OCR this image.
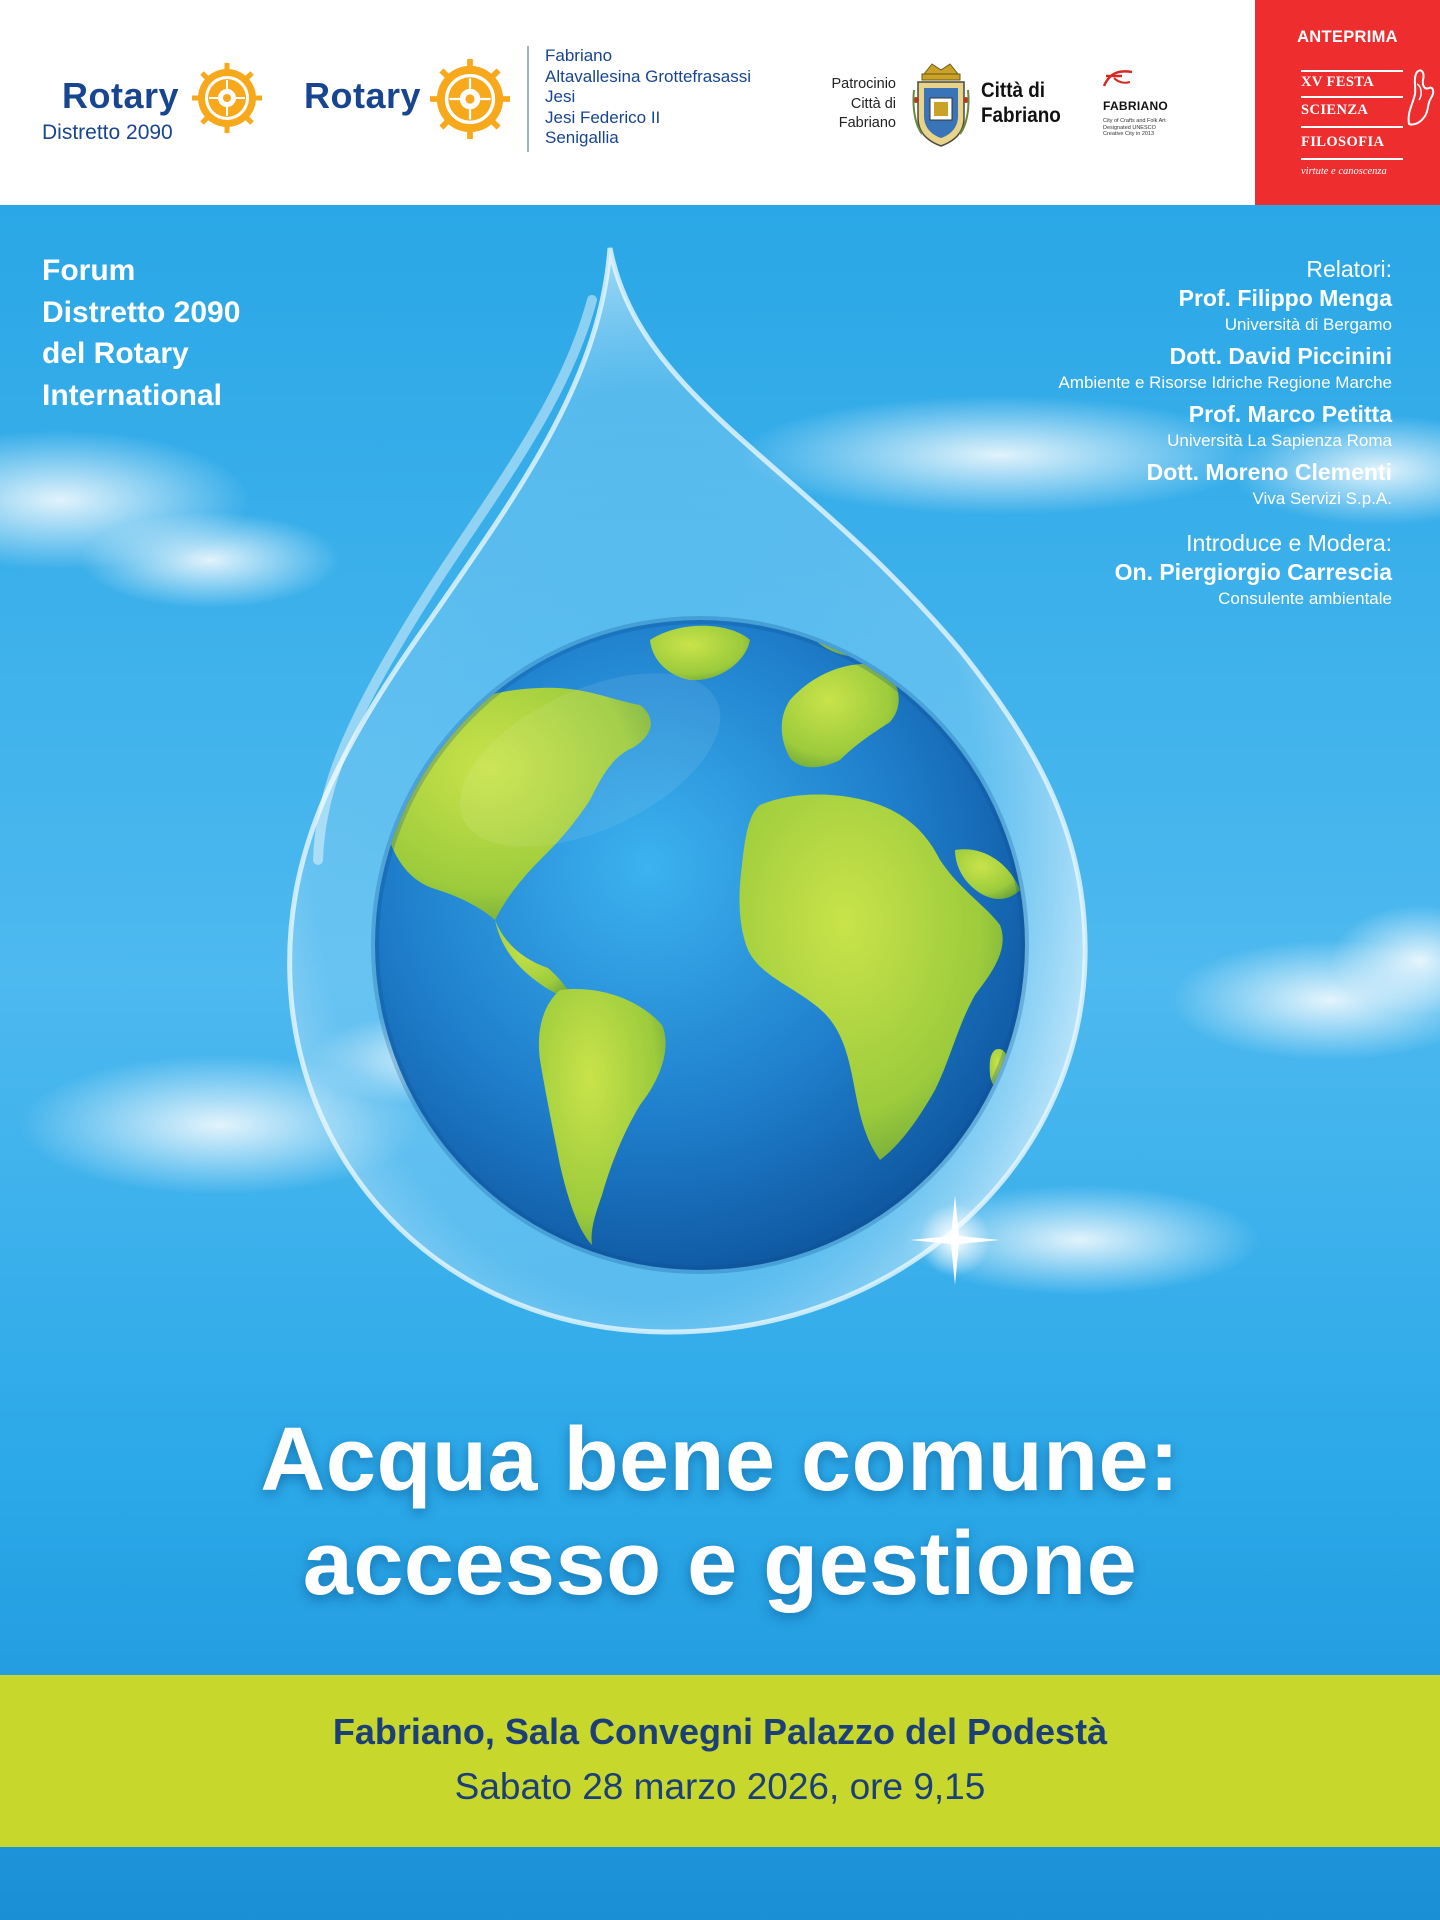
Rotary
Distretto 2090
Rotary
Fabriano
Altavallesina Grottefrasassi
Jesi
Jesi Federico II
Senigallia
Patrocinio
Città di
Fabriano
Città di
Fabriano	FABRIANO
City of Crafts and Folk Art
Designated UNESCO
Creative City in 2013
ANTEPRIMA
XV FESTA
SCIENZA
FILOSOFIA
virtute e canoscenza
Forum
Distretto 2090
del Rotary
International
Relatori:
Prof. Filippo Menga
Università di Bergamo
Dott. David Piccinini
Ambiente e Risorse Idriche Regione Marche
Prof. Marco Petitta
Università La Sapienza Roma
Dott. Moreno Clementi
Viva Servizi S.p.A.
Introduce e Modera:
On. Piergiorgio Carrescia
Consulente ambientale
Acqua bene comune:
accesso e gestione
Fabriano, Sala Convegni Palazzo del Podestà
Sabato 28 marzo 2026, ore 9,15
